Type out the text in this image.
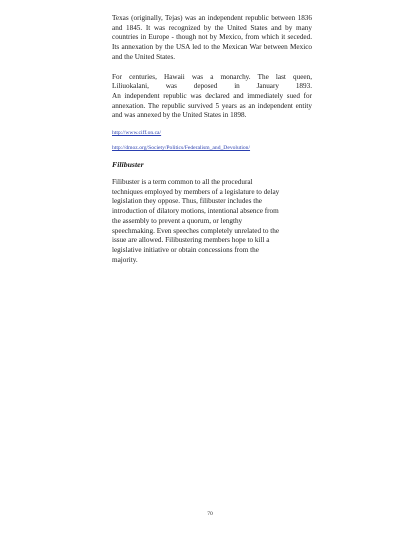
Texas (originally, Tejas) was an independent republic between 1836 and 1845. It was recognized by the United States and by many countries in Europe - though not by Mexico, from which it seceded. Its annexation by the USA led to the Mexican War between Mexico and the United States.

For centuries, Hawaii was a monarchy. The last queen,

Liliuokalani, was deposed in January 1893.

An independent republic was declared and immediately sued for annexation. The republic survived 5 years as an independent entity and was annexed by the United States in 1898.

http://www.ciff.on.ca/
http://dmoz.org/Society/Politics/Federalism_and_Devolution/
Filibuster

Filibuster is a term common to all the procedural

techniques employed by members of a legislature to delay

legislation they oppose. Thus, filibuster includes the

introduction of dilatory motions, intentional absence from

the assembly to prevent a quorum, or lengthy

speechmaking. Even speeches completely unrelated to the

issue are allowed. Filibustering members hope to kill a

legislative initiative or obtain concessions from the

majority.

70
